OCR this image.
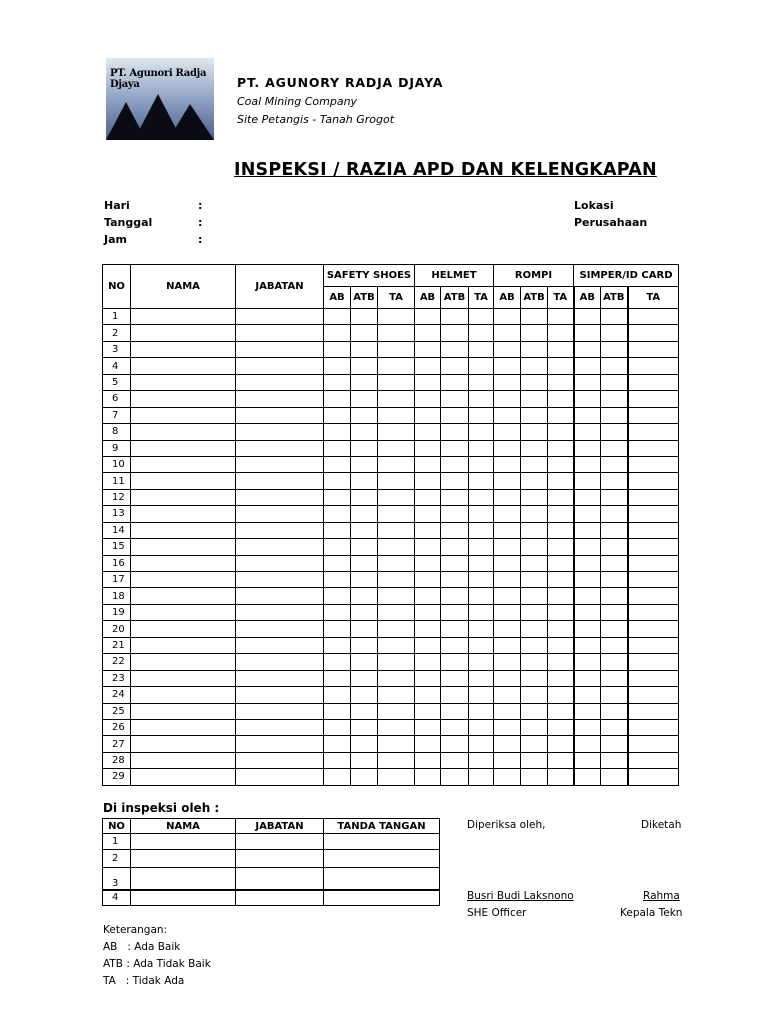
PT. Agunori Radja Djaya	PT. AGUNORY RADJA DJAYA
Coal Mining Company
Site Petangis - Tanah Grogot
INSPEKSI / RAZIA APD DAN KELENGKAPAN
Hari	:
Tanggal	:
Jam	:
Lokasi
Perusahaan
NO	NAMA	JABATAN	SAFETY SHOES			HELMET			ROMPI			SIMPER/ID CARD		
			AB	ATB	TA	AB	ATB	TA	AB	ATB	TA	AB	ATB	TA
1														
2														
3														
4														
5														
6														
7														
8														
9														
10														
11														
12														
13														
14														
15														
16														
17														
18														
19														
20														
21														
22														
23														
24														
25														
26														
27														
28														
29														
Di inspeksi oleh :
NO	NAMA	JABATAN	TANDA TANGAN
1			
2			
3			
4			
Diperiksa oleh,	Diketah
Busri Budi Laksnono
SHE Officer
Rahma
Kepala Tekn
Keterangan:
AB   : Ada Baik
ATB : Ada Tidak Baik
TA   : Tidak Ada
